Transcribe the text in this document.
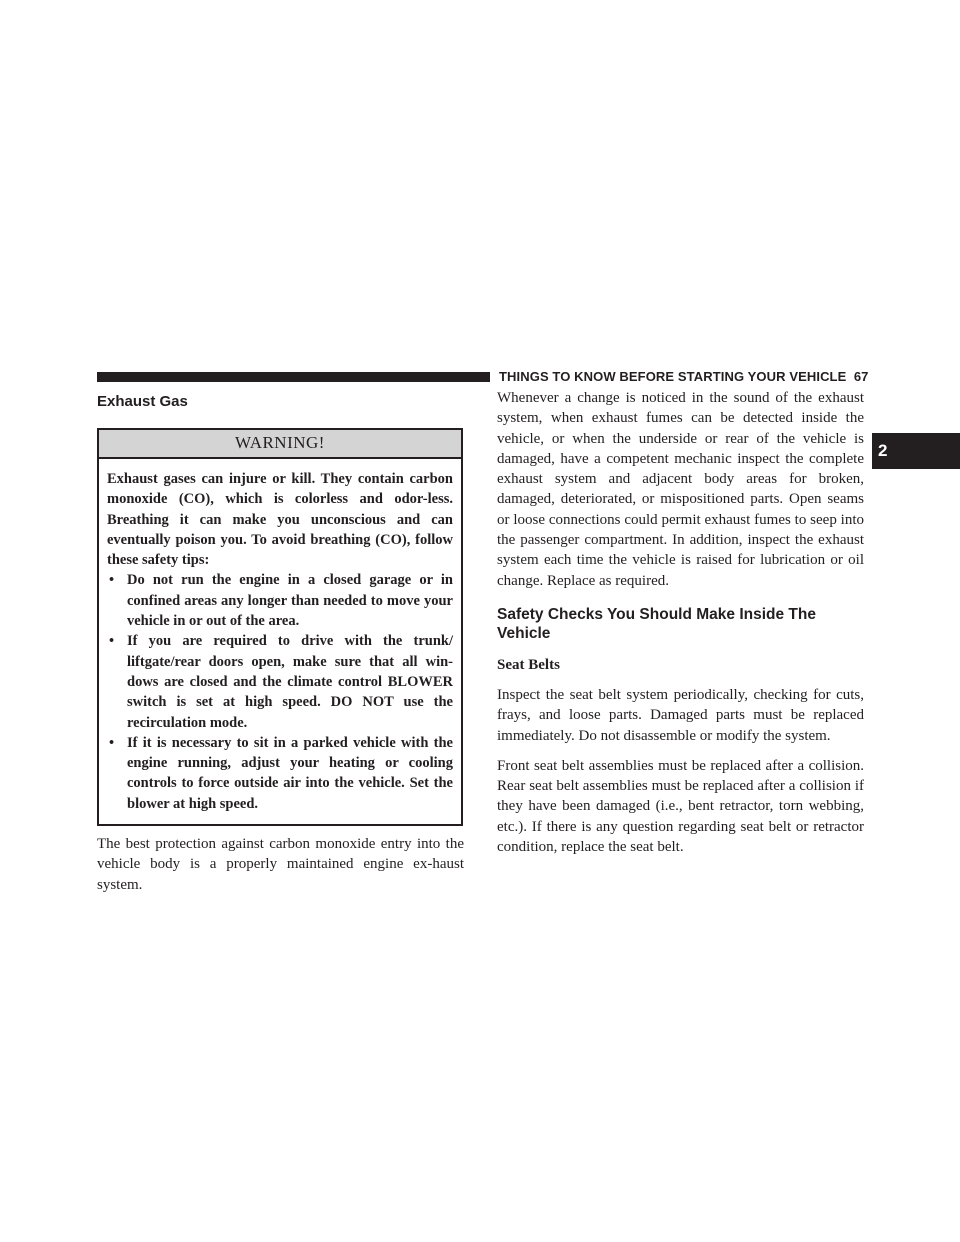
THINGS TO KNOW BEFORE STARTING YOUR VEHICLE 67
2
Exhaust Gas
WARNING!

Exhaust gases can injure or kill. They contain carbon monoxide (CO), which is colorless and odor-less. Breathing it can make you unconscious and can eventually poison you. To avoid breathing (CO), follow these safety tips:

• Do not run the engine in a closed garage or in confined areas any longer than needed to move your vehicle in or out of the area.
• If you are required to drive with the trunk/ liftgate/rear doors open, make sure that all win-dows are closed and the climate control BLOWER switch is set at high speed. DO NOT use the recirculation mode.
• If it is necessary to sit in a parked vehicle with the engine running, adjust your heating or cooling controls to force outside air into the vehicle. Set the blower at high speed.

The best protection against carbon monoxide entry into the vehicle body is a properly maintained engine ex-haust system.

Whenever a change is noticed in the sound of the exhaust system, when exhaust fumes can be detected inside the vehicle, or when the underside or rear of the vehicle is damaged, have a competent mechanic inspect the complete exhaust system and adjacent body areas for broken, damaged, deteriorated, or mispositioned parts. Open seams or loose connections could permit exhaust fumes to seep into the passenger compartment. In addition, inspect the exhaust system each time the vehicle is raised for lubrication or oil change. Replace as required.

Safety Checks You Should Make Inside The Vehicle
Seat Belts

Inspect the seat belt system periodically, checking for cuts, frays, and loose parts. Damaged parts must be replaced immediately. Do not disassemble or modify the system.

Front seat belt assemblies must be replaced after a collision. Rear seat belt assemblies must be replaced after a collision if they have been damaged (i.e., bent retractor, torn webbing, etc.). If there is any question regarding seat belt or retractor condition, replace the seat belt.
